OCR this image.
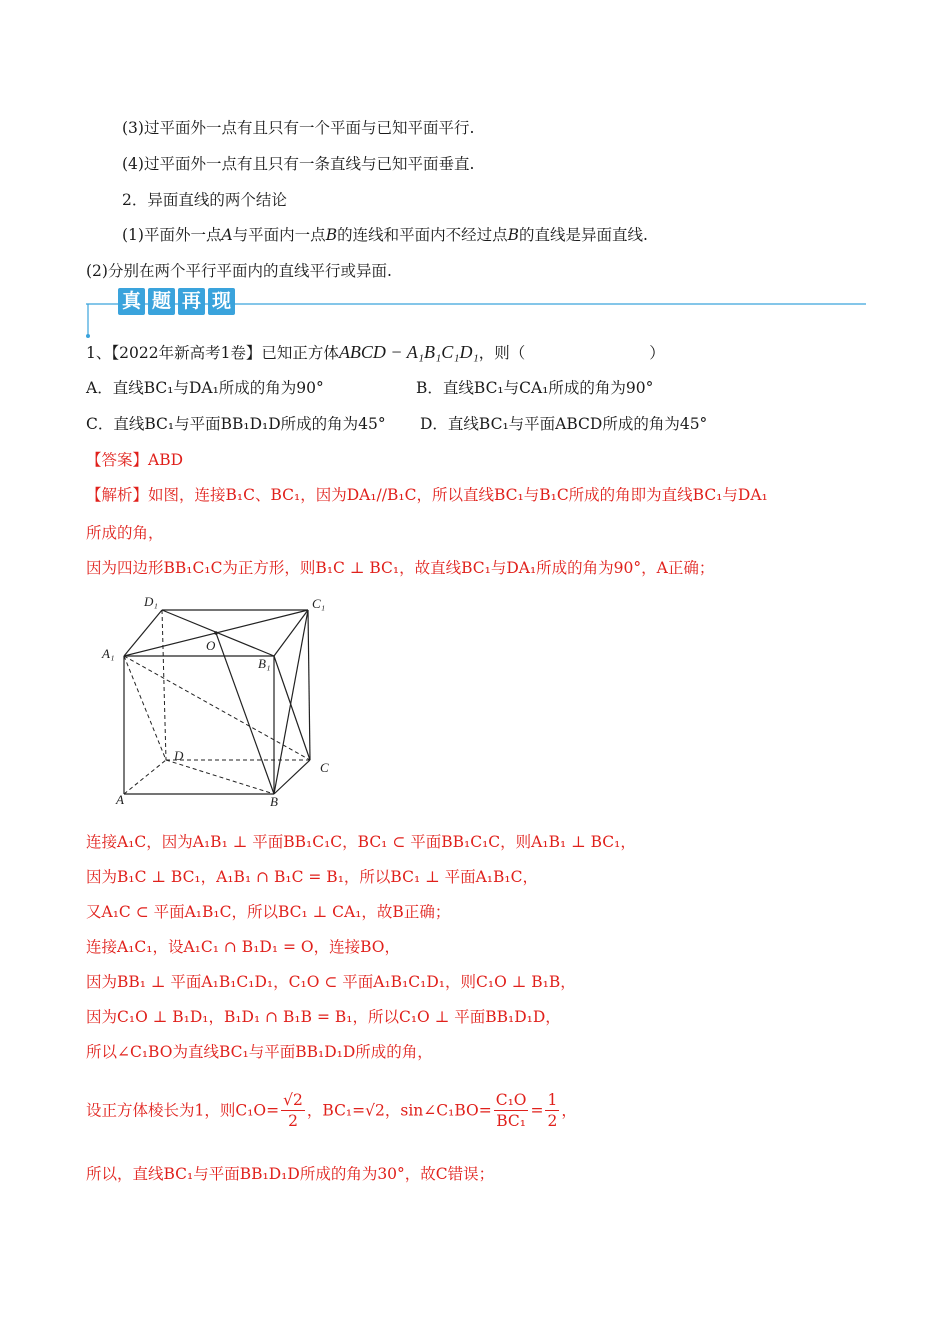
(3)过平面外一点有且只有一个平面与已知平面平行.
(4)过平面外一点有且只有一条直线与已知平面垂直.
2．异面直线的两个结论
(1)平面外一点A与平面内一点B的连线和平面内不经过点B的直线是异面直线.
(2)分别在两个平行平面内的直线平行或异面.
真 题 再 现
1、【2022年新高考1卷】已知正方体ABCD − A₁B₁C₁D₁，则（　　　　　　　　）
A．直线BC₁与DA₁所成的角为90°	B．直线BC₁与CA₁所成的角为90°
C．直线BC₁与平面BB₁D₁D所成的角为45° D．直线BC₁与平面ABCD所成的角为45°
【答案】ABD
【解析】如图，连接B₁C、BC₁，因为DA₁//B₁C，所以直线BC₁与B₁C所成的角即为直线BC₁与DA₁
所成的角，
因为四边形BB₁C₁C为正方形，则B₁C ⊥ BC₁，故直线BC₁与DA₁所成的角为90°，A正确；
D₁	C₁
A₁
B₁
O
D
C
A	B
连接A₁C，因为A₁B₁ ⊥ 平面BB₁C₁C，BC₁ ⊂ 平面BB₁C₁C，则A₁B₁ ⊥ BC₁，
因为B₁C ⊥ BC₁，A₁B₁ ∩ B₁C = B₁，所以BC₁ ⊥ 平面A₁B₁C，
又A₁C ⊂ 平面A₁B₁C，所以BC₁ ⊥ CA₁，故B正确；
连接A₁C₁，设A₁C₁ ∩ B₁D₁ = O，连接BO，
因为BB₁ ⊥ 平面A₁B₁C₁D₁，C₁O ⊂ 平面A₁B₁C₁D₁，则C₁O ⊥ B₁B，
因为C₁O ⊥ B₁D₁，B₁D₁ ∩ B₁B = B₁，所以C₁O ⊥ 平面BB₁D₁D，
所以∠C₁BO为直线BC₁与平面BB₁D₁D所成的角，
设正方体棱长为1，则$C_1O= \frac{√2}{2}$ ，BC₁=√2，sin∠C₁BO= $\frac{\text{C₁O}}{\text{BC₁}} = \frac{1}{2}$ ，
所以，直线BC₁与平面BB₁D₁D所成的角为30°，故C错误；
